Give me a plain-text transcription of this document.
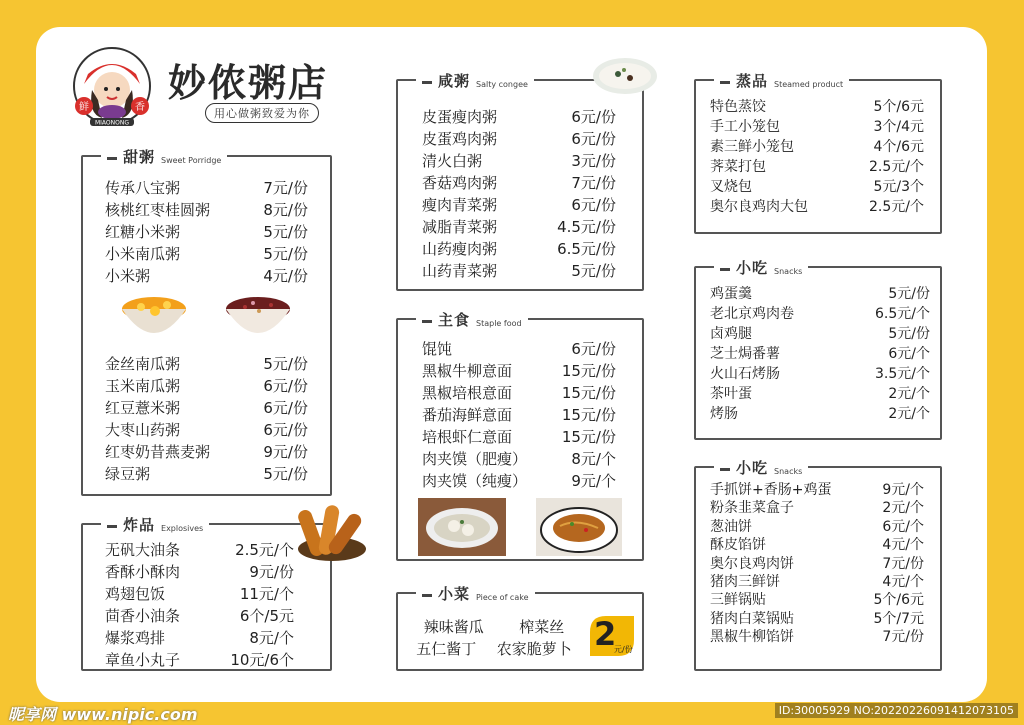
鲜	香
MIAONONG
妙侬粥店
用心做粥致爱为你
甜粥 Sweet Porridge
传承八宝粥	7元/份
核桃红枣桂圆粥	8元/份
红糖小米粥	5元/份
小米南瓜粥	5元/份
小米粥	4元/份
金丝南瓜粥	5元/份
玉米南瓜粥	6元/份
红豆薏米粥	6元/份
大枣山药粥	6元/份
红枣奶昔燕麦粥	9元/份
绿豆粥	5元/份
炸品 Explosives
无矾大油条	2.5元/个
香酥小酥肉	9元/份
鸡翅包饭	11元/个
茴香小油条	6个/5元
爆浆鸡排	8元/个
章鱼小丸子	10元/6个
咸粥 Salty congee
皮蛋瘦肉粥	6元/份
皮蛋鸡肉粥	6元/份
清火白粥	3元/份
香菇鸡肉粥	7元/份
瘦肉青菜粥	6元/份
减脂青菜粥	4.5元/份
山药瘦肉粥	6.5元/份
山药青菜粥	5元/份
主食 Staple food
馄饨	6元/份
黑椒牛柳意面	15元/份
黑椒培根意面	15元/份
番茄海鲜意面	15元/份
培根虾仁意面	15元/份
肉夹馍（肥瘦）	8元/个
肉夹馍（纯瘦）	9元/个
小菜 Piece of cake
辣味酱瓜 榨菜丝
五仁酱丁 农家脆萝卜 2
元/份
蒸品 Steamed product
特色蒸饺	5个/6元
手工小笼包	3个/4元
素三鲜小笼包	4个/6元
荠菜打包	2.5元/个
叉烧包	5元/3个
奥尔良鸡肉大包	2.5元/个
小吃 Snacks
鸡蛋羹	5元/份
老北京鸡肉卷	6.5元/个
卤鸡腿	5元/份
芝士焗番薯	6元/个
火山石烤肠	3.5元/个
茶叶蛋	2元/个
烤肠	2元/个
小吃 Snacks
手抓饼+香肠+鸡蛋	9元/个
粉条韭菜盒子	2元/个
葱油饼	6元/个
酥皮馅饼	4元/个
奥尔良鸡肉饼	7元/份
猪肉三鲜饼	4元/个
三鲜锅贴	5个/6元
猪肉白菜锅贴	5个/7元
黑椒牛柳馅饼	7元/份
昵享网 www.nipic.com	ID:30005929 NO:20220226091412073105
